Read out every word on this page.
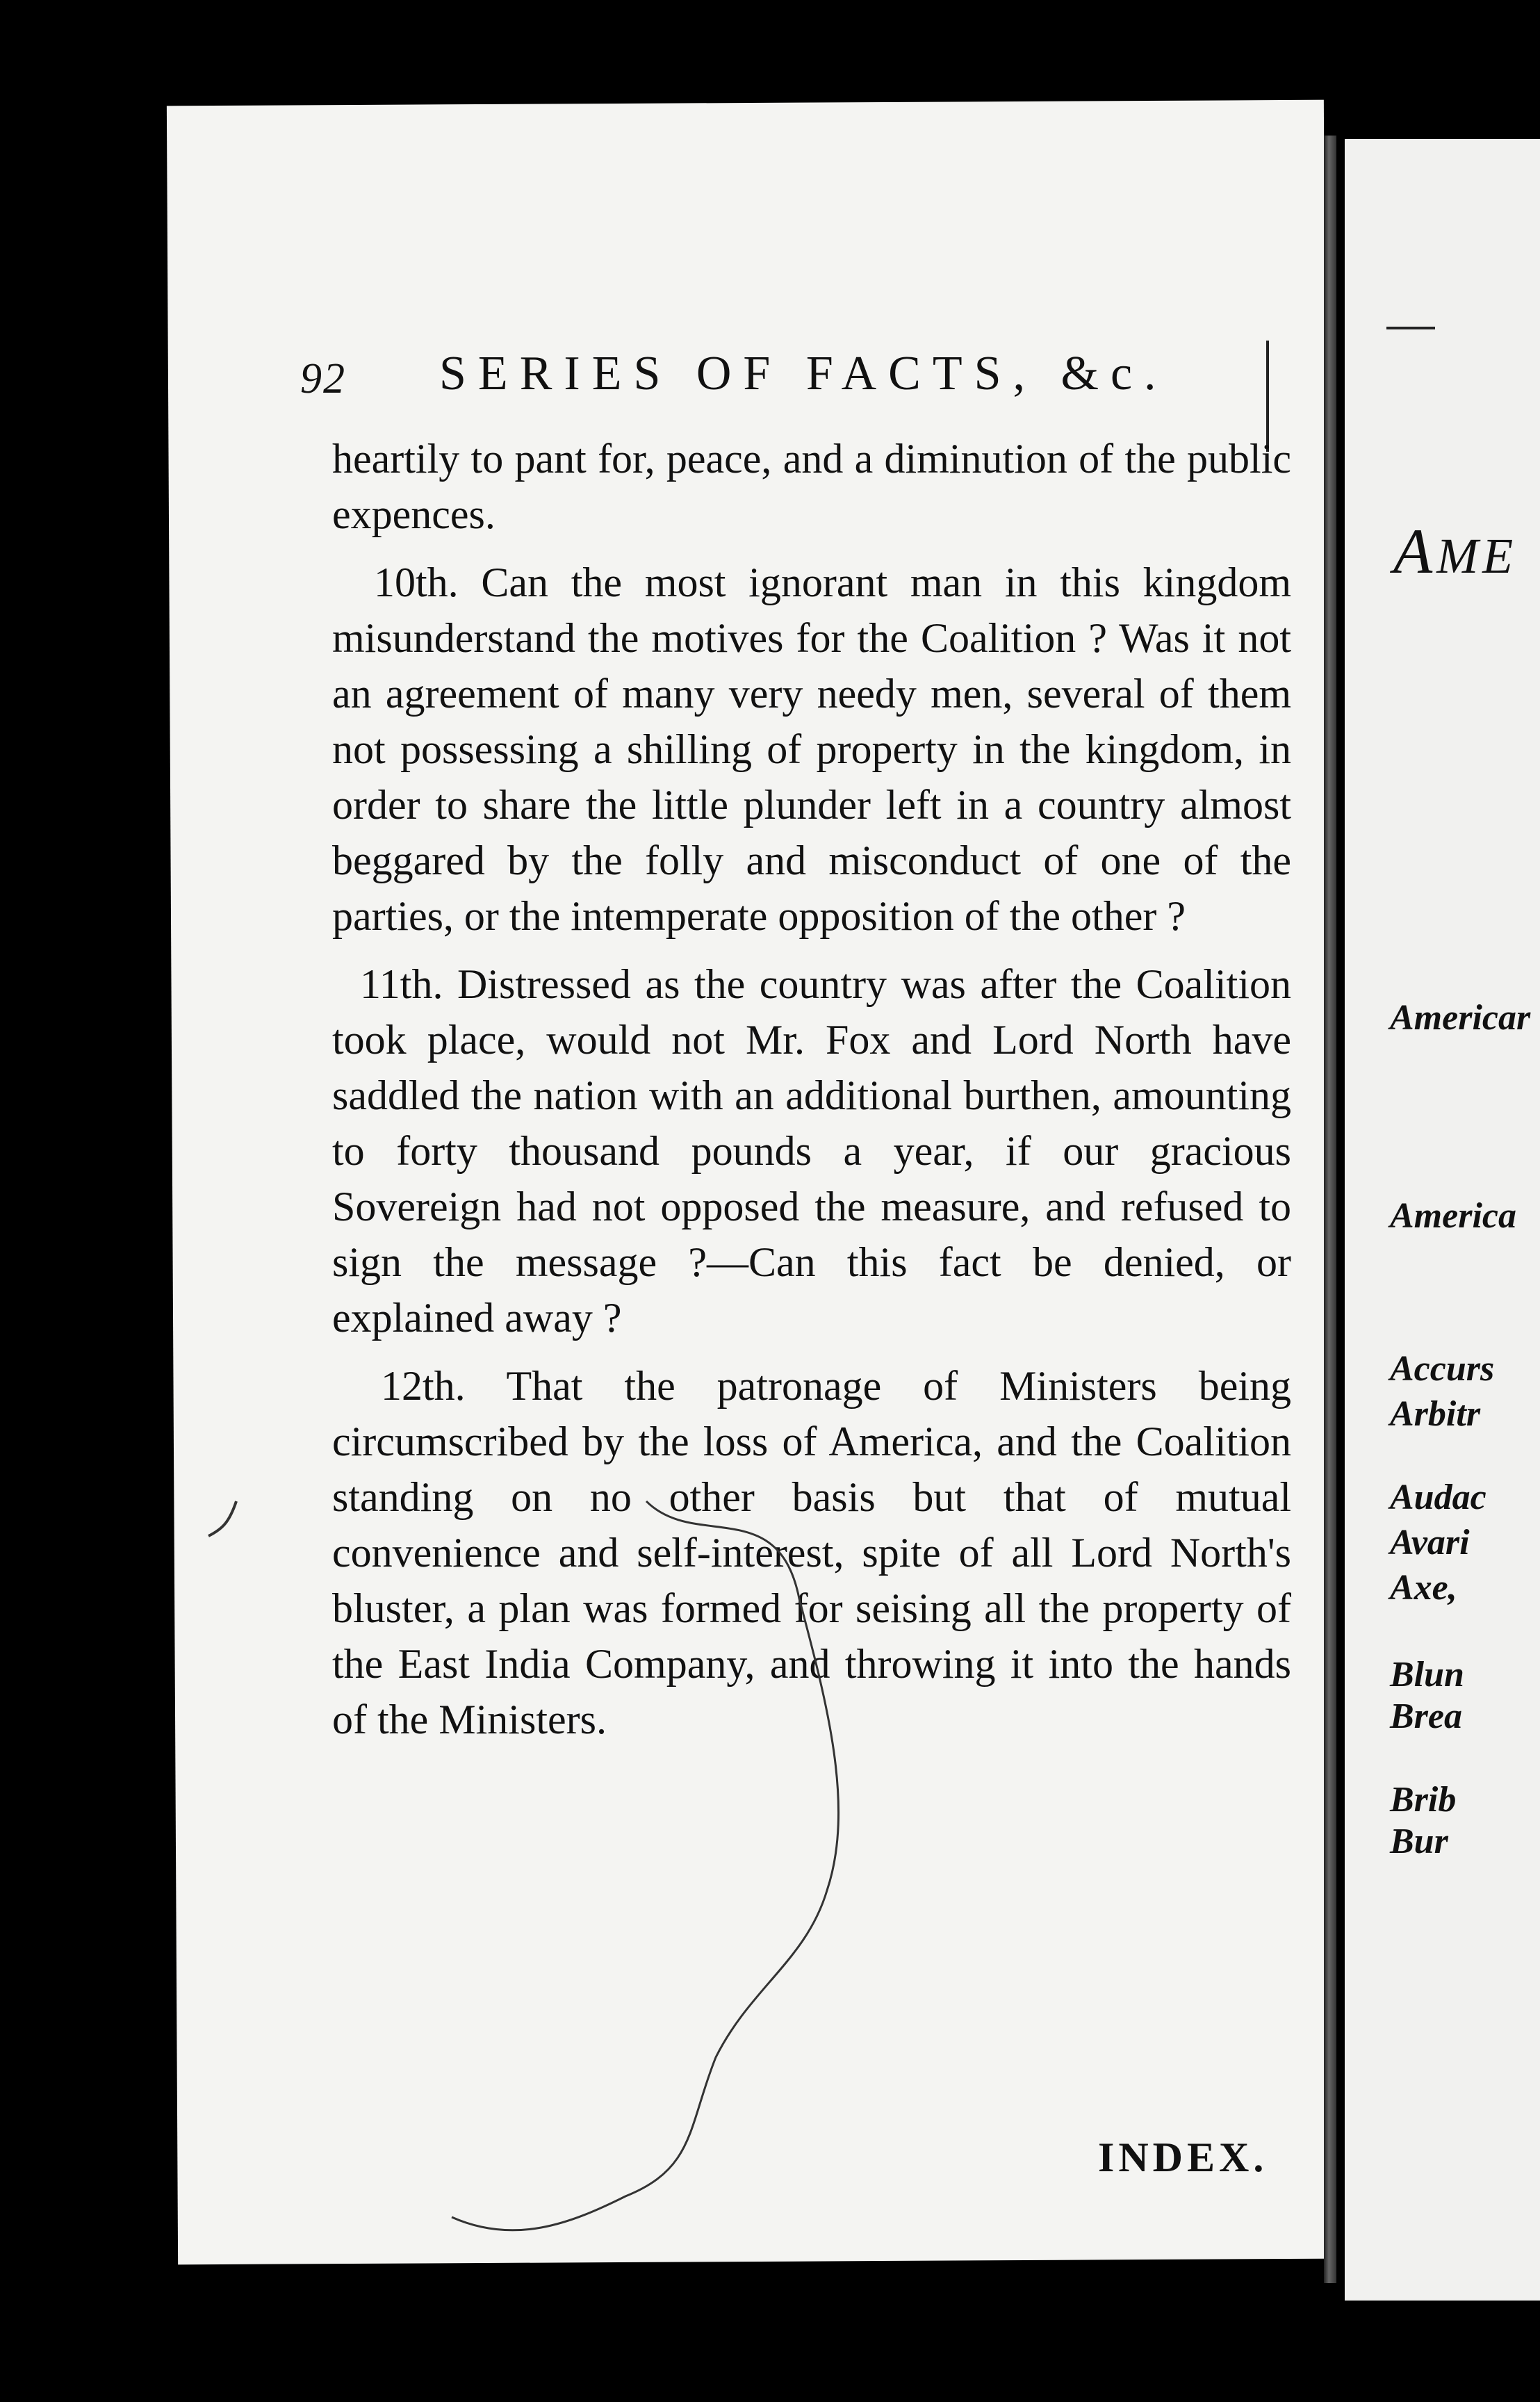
AME
Americar
America
Accurs
Arbitr
Audac
Avari
Axe,
Blun
Brea
Brib
Bur
92 SERIES OF FACTS, &c.

heartily to pant for, peace, and a diminution of the public expences.

10th. Can the most ignorant man in this kingdom misunderstand the motives for the Coalition ? Was it not an agreement of many very needy men, several of them not possessing a shilling of property in the kingdom, in order to share the little plunder left in a country almost beggared by the folly and misconduct of one of the parties, or the intemperate opposition of the other ?

11th. Distressed as the country was after the Coalition took place, would not Mr. Fox and Lord North have saddled the nation with an additional burthen, amounting to forty thousand pounds a year, if our gracious Sovereign had not opposed the measure, and refused to sign the message ?—Can this fact be denied, or explained away ?

12th. That the patronage of Ministers being circumscribed by the loss of America, and the Coalition standing on no other basis but that of mutual convenience and self-interest, spite of all Lord North's bluster, a plan was formed for seising all the property of the East India Company, and throwing it into the hands of the Ministers.

INDEX.
